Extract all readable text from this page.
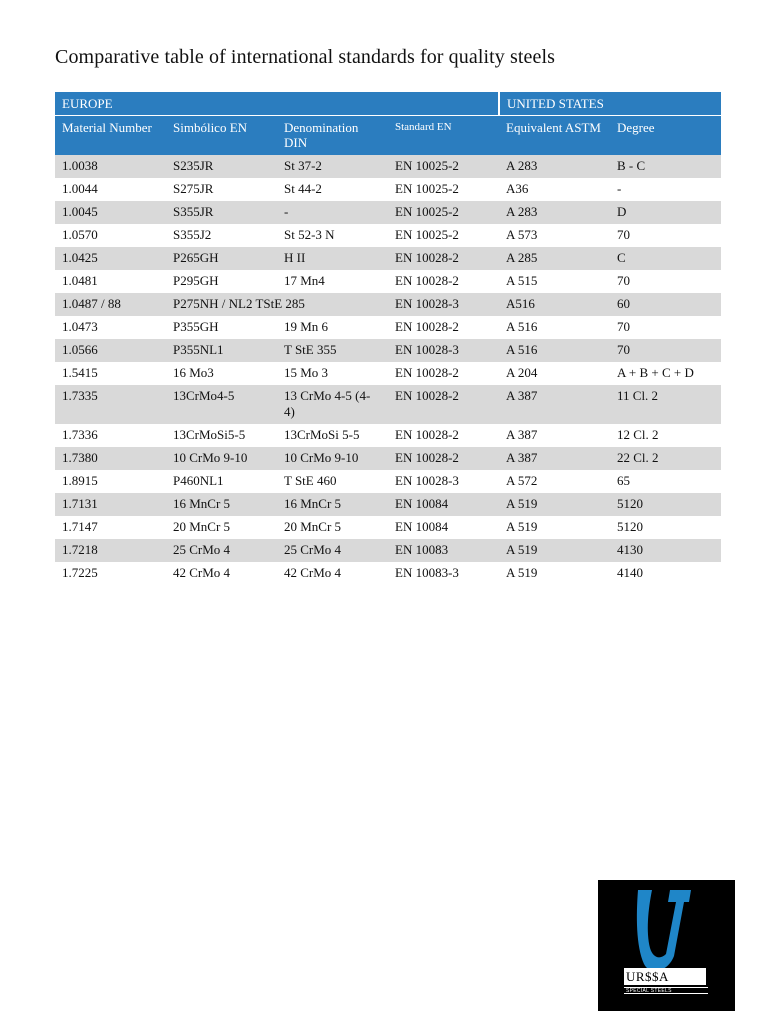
Comparative table of international standards for quality steels
EUROPE				UNITED STATES	
Material Number	Simbólico EN	Denomination DIN	Standard EN	Equivalent ASTM	Degree
1.0038	S235JR	St 37-2	EN 10025-2	A 283	B - C
1.0044	S275JR	St 44-2	EN 10025-2	A36	-
1.0045	S355JR	-	EN 10025-2	A 283	D
1.0570	S355J2	St 52-3 N	EN 10025-2	A 573	70
1.0425	P265GH	H II	EN 10028-2	A 285	C
1.0481	P295GH	17 Mn4	EN 10028-2	A 515	70
1.0487 / 88	P275NH / NL2 TStE 285		EN 10028-3	A516	60
1.0473	P355GH	19 Mn 6	EN 10028-2	A 516	70
1.0566	P355NL1	T StE 355	EN 10028-3	A 516	70
1.5415	16 Mo3	15 Mo 3	EN 10028-2	A 204	A + B + C + D
1.7335	13CrMo4-5	13 CrMo 4-5 (4-4)	EN 10028-2	A 387	11 Cl. 2
1.7336	13CrMoSi5-5	13CrMoSi 5-5	EN 10028-2	A 387	12 Cl. 2
1.7380	10 CrMo 9-10	10 CrMo 9-10	EN 10028-2	A 387	22 Cl. 2
1.8915	P460NL1	T StE 460	EN 10028-3	A 572	65
1.7131	16 MnCr 5	16 MnCr 5	EN 10084	A 519	5120
1.7147	20 MnCr 5	20 MnCr 5	EN 10084	A 519	5120
1.7218	25 CrMo 4	25 CrMo 4	EN 10083	A 519	4130
1.7225	42 CrMo 4	42 CrMo 4	EN 10083-3	A 519	4140
UR$$A
SPECIAL STEELS
